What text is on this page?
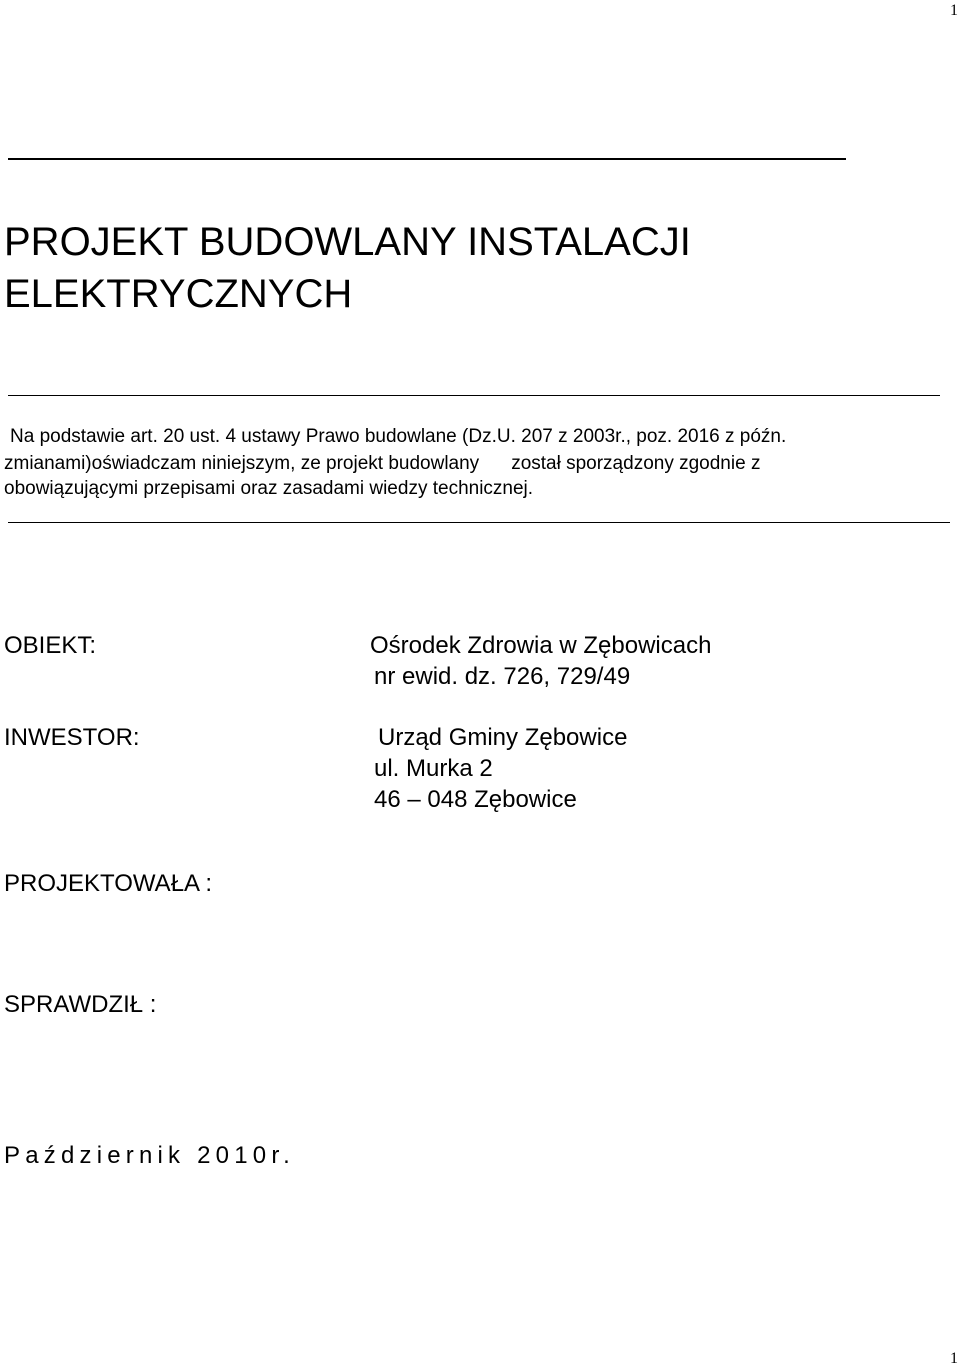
1
PROJEKT BUDOWLANY INSTALACJI
ELEKTRYCZNYCH
Na podstawie art. 20 ust. 4 ustawy Prawo budowlane (Dz.U. 207 z 2003r., poz. 2016 z późn.
zmianami)oświadczam niniejszym, ze projekt budowlany został sporządzony zgodnie z
obowiązującymi przepisami oraz zasadami wiedzy technicznej.
OBIEKT:	Ośrodek Zdrowia w Zębowicach
nr ewid. dz. 726, 729/49
INWESTOR:	Urząd Gminy Zębowice
ul. Murka 2
46 – 048 Zębowice
PROJEKTOWAŁA :
SPRAWDZIŁ :
Październik 2010r.
1
